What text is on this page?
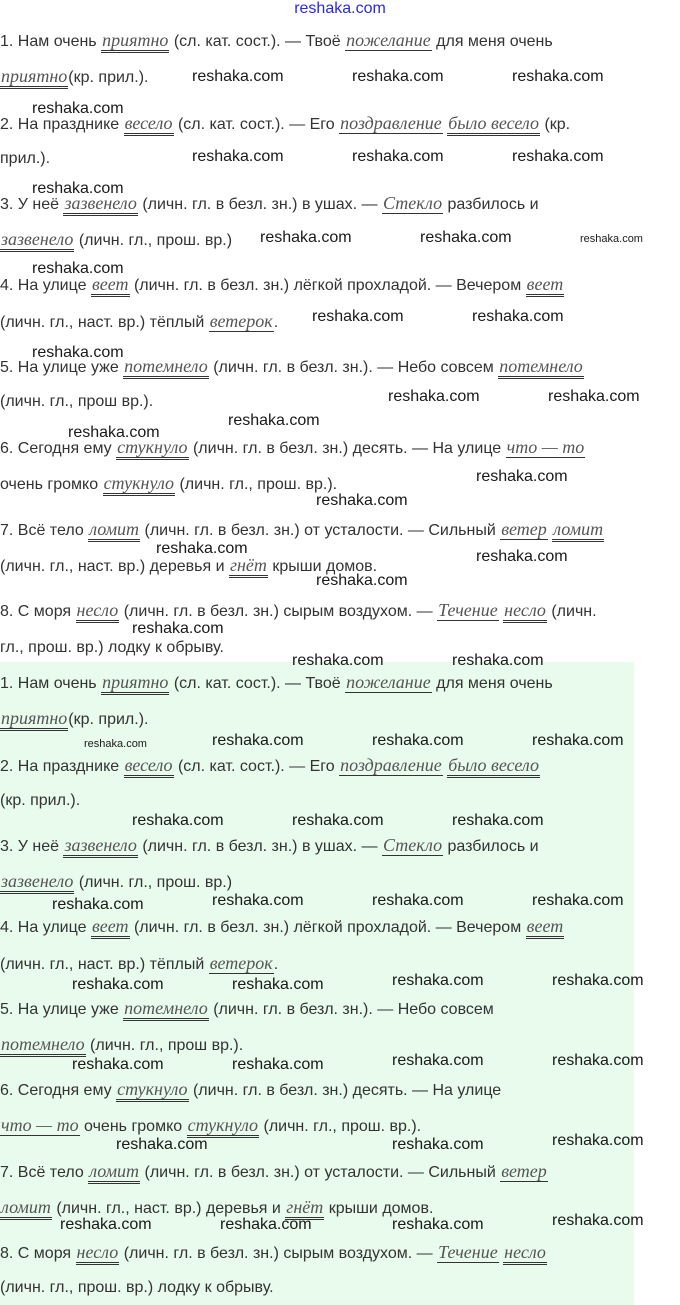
reshaka.com
1. Нам очень приятно (сл. кат. сост.). — Твоё пожелание для меня очень
приятно(кр. прил.).
2. На празднике весело (сл. кат. сост.). — Его поздравление было весело (кр.
прил.).
3. У неё зазвенело (личн. гл. в безл. зн.) в ушах. — Стекло разбилось и
зазвенело (личн. гл., прош. вр.)
4. На улице веет (личн. гл. в безл. зн.) лёгкой прохладой. — Вечером веет
(личн. гл., наст. вр.) тёплый ветерок.
5. На улице уже потемнело (личн. гл. в безл. зн.). — Небо совсем потемнело
(личн. гл., прош вр.).
6. Сегодня ему стукнуло (личн. гл. в безл. зн.) десять. — На улице что — то
очень громко стукнуло (личн. гл., прош. вр.).
7. Всё тело ломит (личн. гл. в безл. зн.) от усталости. — Сильный ветер ломит
(личн. гл., наст. вр.) деревья и гнёт крыши домов.
8. С моря несло (личн. гл. в безл. зн.) сырым воздухом. — Течение несло (личн.
гл., прош. вр.) лодку к обрыву.
1. Нам очень приятно (сл. кат. сост.). — Твоё пожелание для меня очень
приятно(кр. прил.).
2. На празднике весело (сл. кат. сост.). — Его поздравление было весело
(кр. прил.).
3. У неё зазвенело (личн. гл. в безл. зн.) в ушах. — Стекло разбилось и
зазвенело (личн. гл., прош. вр.)
4. На улице веет (личн. гл. в безл. зн.) лёгкой прохладой. — Вечером веет
(личн. гл., наст. вр.) тёплый ветерок.
5. На улице уже потемнело (личн. гл. в безл. зн.). — Небо совсем
потемнело (личн. гл., прош вр.).
6. Сегодня ему стукнуло (личн. гл. в безл. зн.) десять. — На улице
что — то очень громко стукнуло (личн. гл., прош. вр.).
7. Всё тело ломит (личн. гл. в безл. зн.) от усталости. — Сильный ветер
ломит (личн. гл., наст. вр.) деревья и гнёт крыши домов.
8. С моря несло (личн. гл. в безл. зн.) сырым воздухом. — Течение несло
(личн. гл., прош. вр.) лодку к обрыву.
reshaka.com	reshaka.com	reshaka.com
reshaka.com
reshaka.com	reshaka.com	reshaka.com
reshaka.com
reshaka.com	reshaka.com	reshaka.com
reshaka.com
reshaka.com	reshaka.com
reshaka.com
reshaka.com	reshaka.com
reshaka.com
reshaka.com
reshaka.com
reshaka.com
reshaka.com	reshaka.com
reshaka.com
reshaka.com
reshaka.com	reshaka.com
reshaka.com	reshaka.com	reshaka.com	reshaka.com
reshaka.com	reshaka.com	reshaka.com
reshaka.com	reshaka.com	reshaka.com
reshaka.com
reshaka.com	reshaka.com
reshaka.com	reshaka.com
reshaka.com	reshaka.com
reshaka.com	reshaka.com
reshaka.com
reshaka.com	reshaka.com
reshaka.com	reshaka.com	reshaka.com	reshaka.com
